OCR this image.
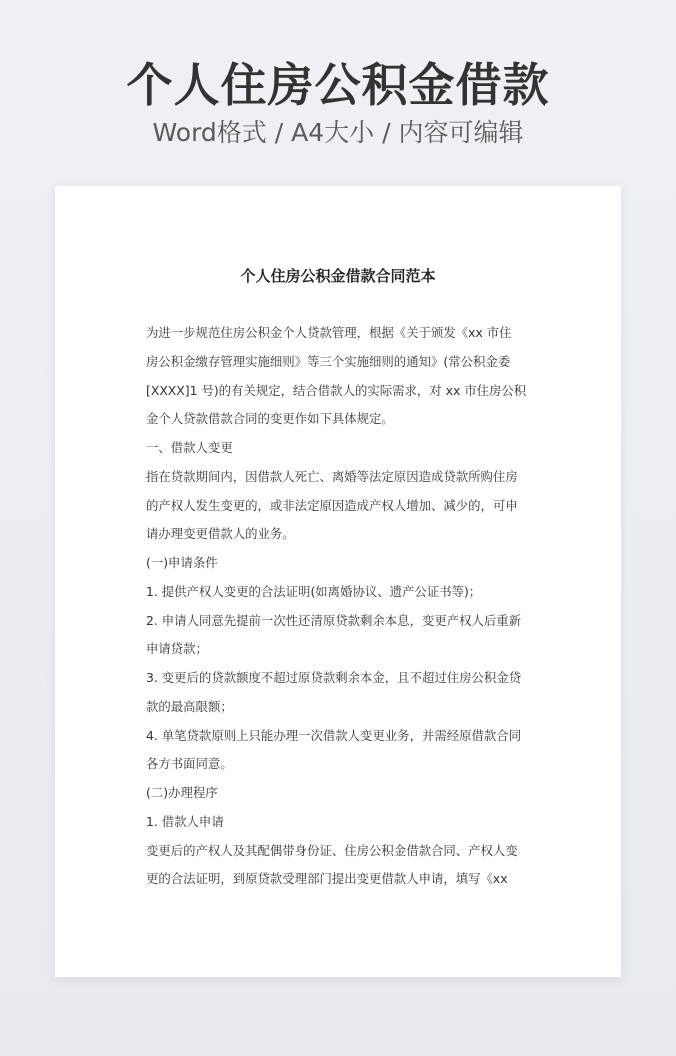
个人住房公积金借款
Word格式 / A4大小 / 内容可编辑
个人住房公积金借款合同范本
为进一步规范住房公积金个人贷款管理，根据《关于颁发《xx 市住
房公积金缴存管理实施细则》等三个实施细则的通知》(常公积金委
[XXXX]1 号)的有关规定，结合借款人的实际需求，对 xx 市住房公积
金个人贷款借款合同的变更作如下具体规定。
一、借款人变更
指在贷款期间内，因借款人死亡、离婚等法定原因造成贷款所购住房
的产权人发生变更的，或非法定原因造成产权人增加、减少的，可申
请办理变更借款人的业务。
(一)申请条件
1. 提供产权人变更的合法证明(如离婚协议、遗产公证书等)；
2. 申请人同意先提前一次性还清原贷款剩余本息，变更产权人后重新
申请贷款；
3. 变更后的贷款额度不超过原贷款剩余本金，且不超过住房公积金贷
款的最高限额；
4. 单笔贷款原则上只能办理一次借款人变更业务，并需经原借款合同
各方书面同意。
(二)办理程序
1. 借款人申请
变更后的产权人及其配偶带身份证、住房公积金借款合同、产权人变
更的合法证明，到原贷款受理部门提出变更借款人申请，填写《xx
